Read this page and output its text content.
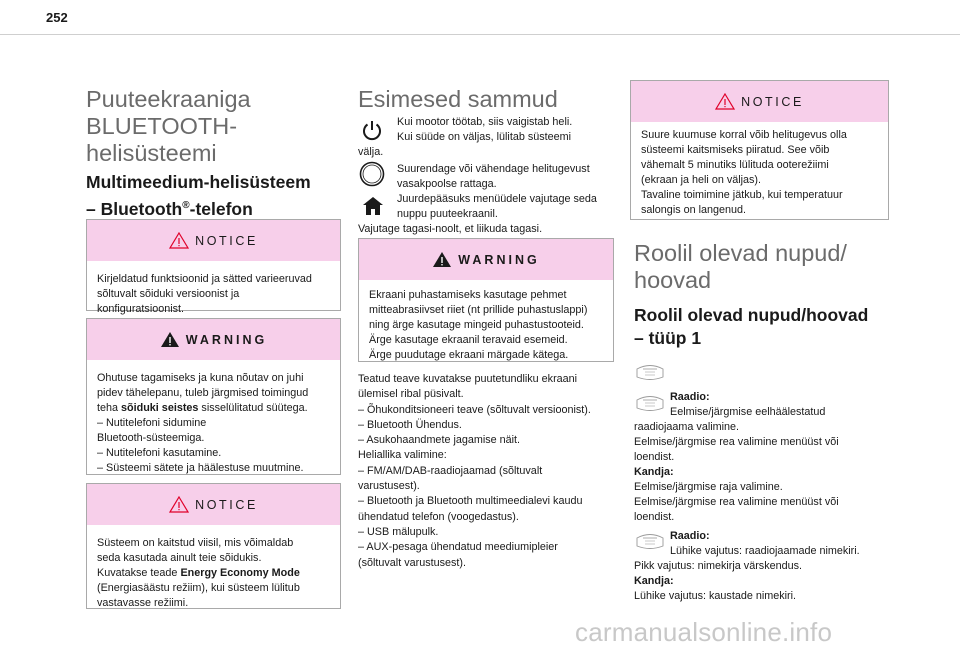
252
Puuteekraaniga
BLUETOOTH-
helisüsteemi
Multimeedium-helisüsteem
– Bluetooth®-telefon
NOTICE

Kirjeldatud funktsioonid ja sätted varieeruvad

sõltuvalt sõiduki versioonist ja

konfiguratsioonist.

WARNING

Ohutuse tagamiseks ja kuna nõutav on juhi

pidev tähelepanu, tuleb järgmised toimingud

teha sõiduki seistes sisselülitatud süütega.

– Nutitelefoni sidumine

Bluetooth-süsteemiga.

– Nutitelefoni kasutamine.

– Süsteemi sätete ja häälestuse muutmine.

NOTICE

Süsteem on kaitstud viisil, mis võimaldab

seda kasutada ainult teie sõidukis.

Kuvatakse teade Energy Economy Mode

(Energiasäästu režiim), kui süsteem lülitub

vastavasse režiimi.

Esimesed sammud

Kui mootor töötab, siis vaigistab heli.

Kui süüde on väljas, lülitab süsteemi

välja.

Suurendage või vähendage helitugevust

vasakpoolse rattaga.

Juurdepääsuks menüüdele vajutage seda

nuppu puuteekraanil.

Vajutage tagasi-noolt, et liikuda tagasi.
WARNING

Ekraani puhastamiseks kasutage pehmet

mitteabrasiivset riiet (nt prillide puhastuslappi)

ning ärge kasutage mingeid puhastustooteid.

Ärge kasutage ekraanil teravaid esemeid.

Ärge puudutage ekraani märgade kätega.

Teatud teave kuvatakse puutetundliku ekraani

ülemisel ribal püsivalt.

– Õhukonditsioneeri teave (sõltuvalt versioonist).

– Bluetooth Ühendus.

– Asukohaandmete jagamise näit.

Heliallika valimine:

– FM/AM/DAB-raadiojaamad (sõltuvalt

varustusest).

– Bluetooth ja Bluetooth multimeedialevi kaudu

ühendatud telefon (voogedastus).

– USB mälupulk.

– AUX-pesaga ühendatud meediumipleier

(sõltuvalt varustusest).

NOTICE

Suure kuumuse korral võib helitugevus olla

süsteemi kaitsmiseks piiratud. See võib

vähemalt 5 minutiks lülituda ooterežiimi

(ekraan ja heli on väljas).

Tavaline toimimine jätkub, kui temperatuur

salongis on langenud.

Roolil olevad nupud/
hoovad
Roolil olevad nupud/hoovad
– tüüp 1
Raadio:
Eelmise/järgmise eelhäälestatud

raadiojaama valimine.

Eelmise/järgmise rea valimine menüüst või

loendist.

Kandja:

Eelmise/järgmise raja valimine.

Eelmise/järgmise rea valimine menüüst või

loendist.

Raadio:
Lühike vajutus: raadiojaamade nimekiri.

Pikk vajutus: nimekirja värskendus.

Kandja:

Lühike vajutus: kaustade nimekiri.

carmanualsonline.info
